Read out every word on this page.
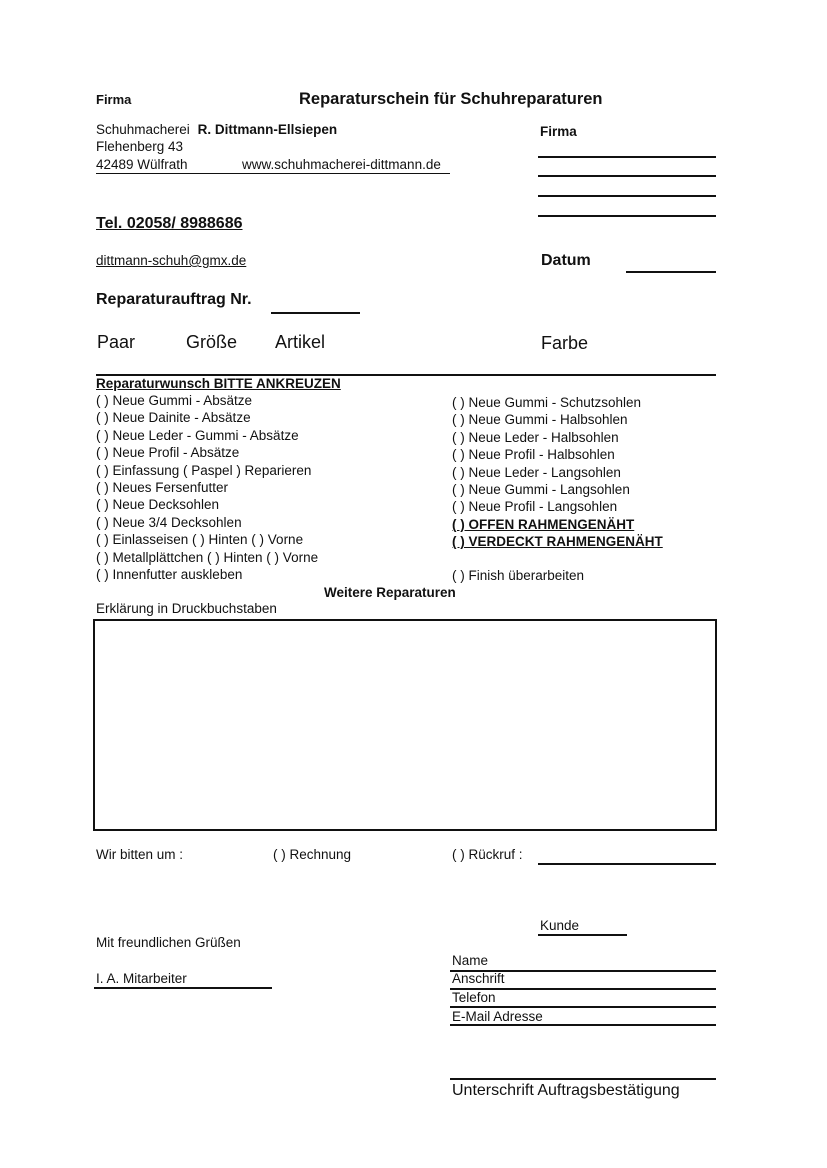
Firma	Reparaturschein für Schuhreparaturen
Schuhmacherei R. Dittmann-Ellsiepen
Flehenberg 43
42489 Wülfrath	www.schuhmacherei-dittmann.de
Firma
Tel. 02058/ 8988686
dittmann-schuh@gmx.de	Datum
Reparaturauftrag Nr.
Paar	Größe Artikel	Farbe
Reparaturwunsch BITTE ANKREUZEN
( ) Neue Gummi - Absätze
( ) Neue Dainite - Absätze
( ) Neue Leder - Gummi - Absätze
( ) Neue Profil - Absätze
( ) Einfassung ( Paspel ) Reparieren
( ) Neues Fersenfutter
( ) Neue Decksohlen
( ) Neue 3/4 Decksohlen
( ) Einlasseisen ( ) Hinten ( ) Vorne
( ) Metallplättchen ( ) Hinten ( ) Vorne
( ) Innenfutter auskleben
( ) Neue Gummi - Schutzsohlen
( ) Neue Gummi - Halbsohlen
( ) Neue Leder - Halbsohlen
( ) Neue Profil - Halbsohlen
( ) Neue Leder - Langsohlen
( ) Neue Gummi - Langsohlen
( ) Neue Profil - Langsohlen
( ) OFFEN RAHMENGENÄHT
( ) VERDECKT RAHMENGENÄHT
( ) Finish überarbeiten
Weitere Reparaturen
Erklärung in Druckbuchstaben
Wir bitten um :	( ) Rechnung	( ) Rückruf :
Kunde
Name
Anschrift
Telefon
E-Mail Adresse
Mit freundlichen Grüßen
I. A. Mitarbeiter
Unterschrift Auftragsbestätigung
